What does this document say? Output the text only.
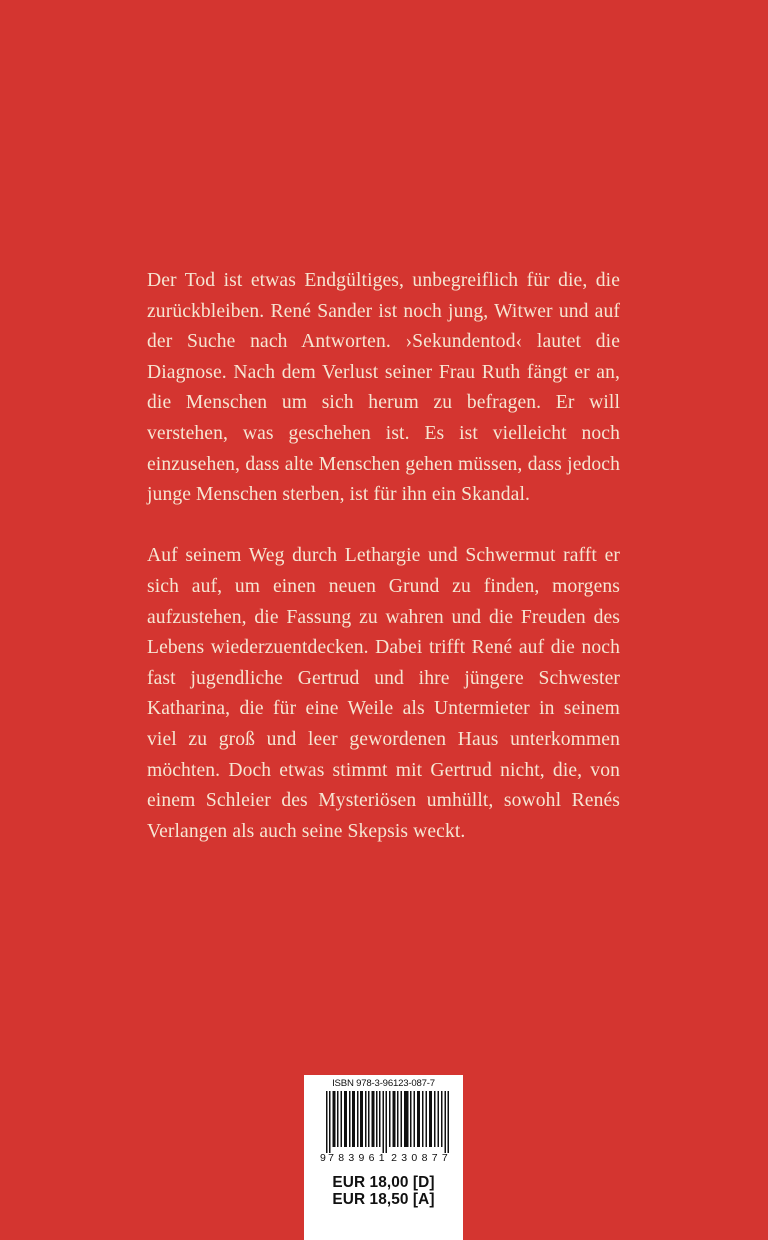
Der Tod ist etwas Endgültiges, unbegreiflich für die, die zurückbleiben. René Sander ist noch jung, Witwer und auf der Suche nach Antworten. ›Sekundentod‹ lautet die Diagnose. Nach dem Verlust seiner Frau Ruth fängt er an, die Menschen um sich herum zu befragen. Er will verstehen, was geschehen ist. Es ist vielleicht noch einzusehen, dass alte Menschen gehen müssen, dass jedoch junge Menschen sterben, ist für ihn ein Skandal.

Auf seinem Weg durch Lethargie und Schwermut rafft er sich auf, um einen neuen Grund zu finden, morgens aufzustehen, die Fassung zu wahren und die Freuden des Lebens wiederzuentdecken. Dabei trifft René auf die noch fast jugendliche Gertrud und ihre jüngere Schwester Katharina, die für eine Weile als Untermieter in seinem viel zu groß und leer gewordenen Haus unterkommen möchten. Doch etwas stimmt mit Gertrud nicht, die, von einem Schleier des Mysteriösen umhüllt, sowohl Renés Verlangen als auch seine Skepsis weckt.

ISBN 978-3-96123-087-7
9 783961 230877
EUR 18,00 [D]
EUR 18,50 [A]
